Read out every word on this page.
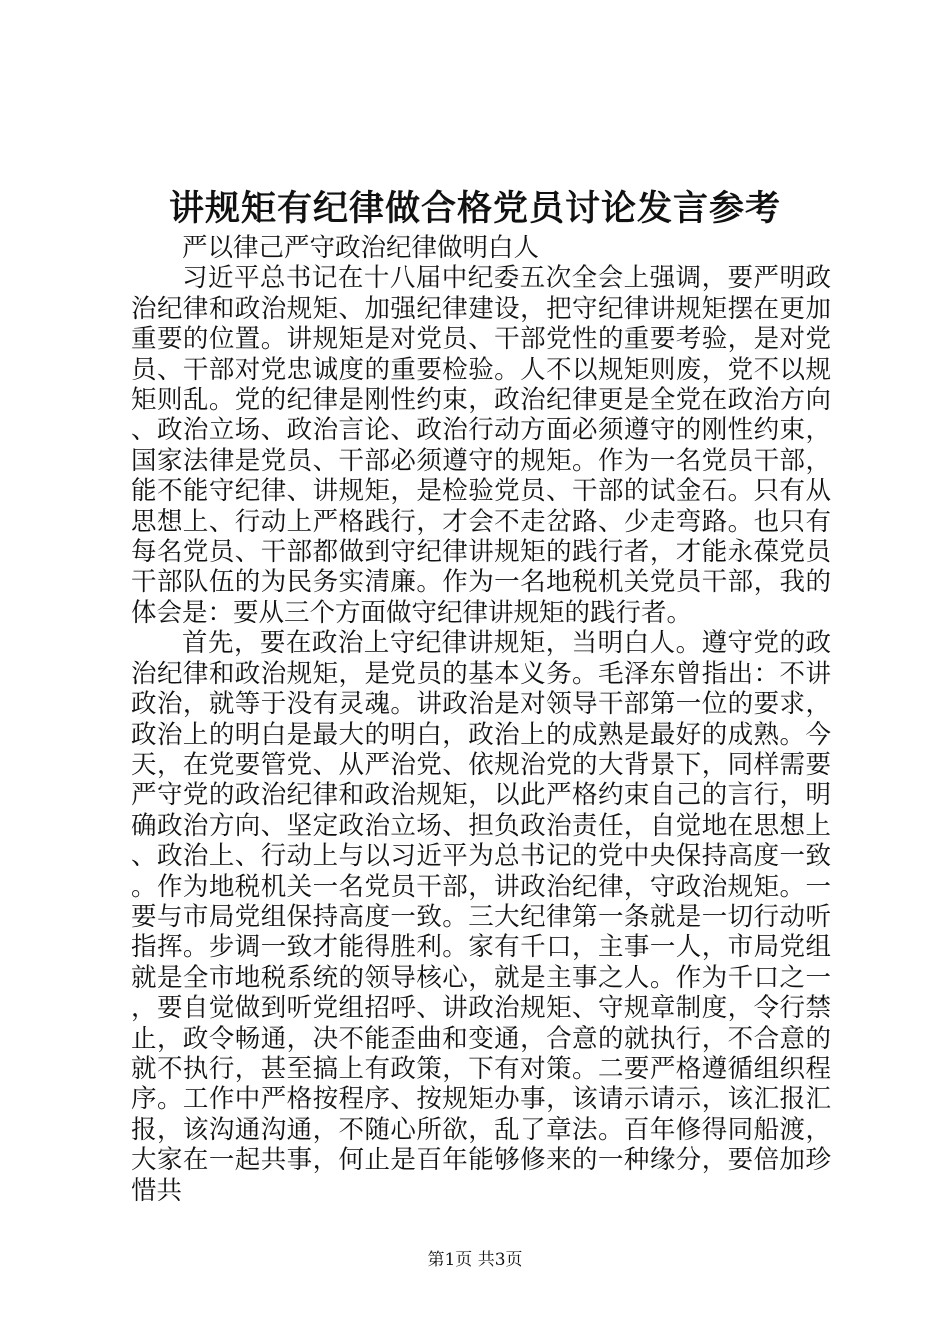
讲规矩有纪律做合格党员讨论发言参考

严以律己严守政治纪律做明白人

习近平总书记在十八届中纪委五次全会上强调，要严明政治纪律和政治规矩、加强纪律建设，把守纪律讲规矩摆在更加重要的位置。讲规矩是对党员、干部党性的重要考验，是对党员、干部对党忠诚度的重要检验。人不以规矩则废，党不以规矩则乱。党的纪律是刚性约束，政治纪律更是全党在政治方向、政治立场、政治言论、政治行动方面必须遵守的刚性约束，国家法律是党员、干部必须遵守的规矩。作为一名党员干部，能不能守纪律、讲规矩，是检验党员、干部的试金石。只有从思想上、行动上严格践行，才会不走岔路、少走弯路。也只有每名党员、干部都做到守纪律讲规矩的践行者，才能永葆党员干部队伍的为民务实清廉。作为一名地税机关党员干部，我的体会是：要从三个方面做守纪律讲规矩的践行者。

首先，要在政治上守纪律讲规矩，当明白人。遵守党的政治纪律和政治规矩，是党员的基本义务。毛泽东曾指出：不讲政治，就等于没有灵魂。讲政治是对领导干部第一位的要求，政治上的明白是最大的明白，政治上的成熟是最好的成熟。今天，在党要管党、从严治党、依规治党的大背景下，同样需要严守党的政治纪律和政治规矩，以此严格约束自己的言行，明确政治方向、坚定政治立场、担负政治责任，自觉地在思想上、政治上、行动上与以习近平为总书记的党中央保持高度一致。作为地税机关一名党员干部，讲政治纪律，守政治规矩。一要与市局党组保持高度一致。三大纪律第一条就是一切行动听指挥。步调一致才能得胜利。家有千口，主事一人，市局党组就是全市地税系统的领导核心，就是主事之人。作为千口之一，要自觉做到听党组招呼、讲政治规矩、守规章制度，令行禁止，政令畅通，决不能歪曲和变通，合意的就执行，不合意的就不执行，甚至搞上有政策，下有对策。二要严格遵循组织程序。工作中严格按程序、按规矩办事，该请示请示，该汇报汇报，该沟通沟通，不随心所欲，乱了章法。百年修得同船渡，大家在一起共事，何止是百年能够修来的一种缘分，要倍加珍惜共

第1页 共3页
